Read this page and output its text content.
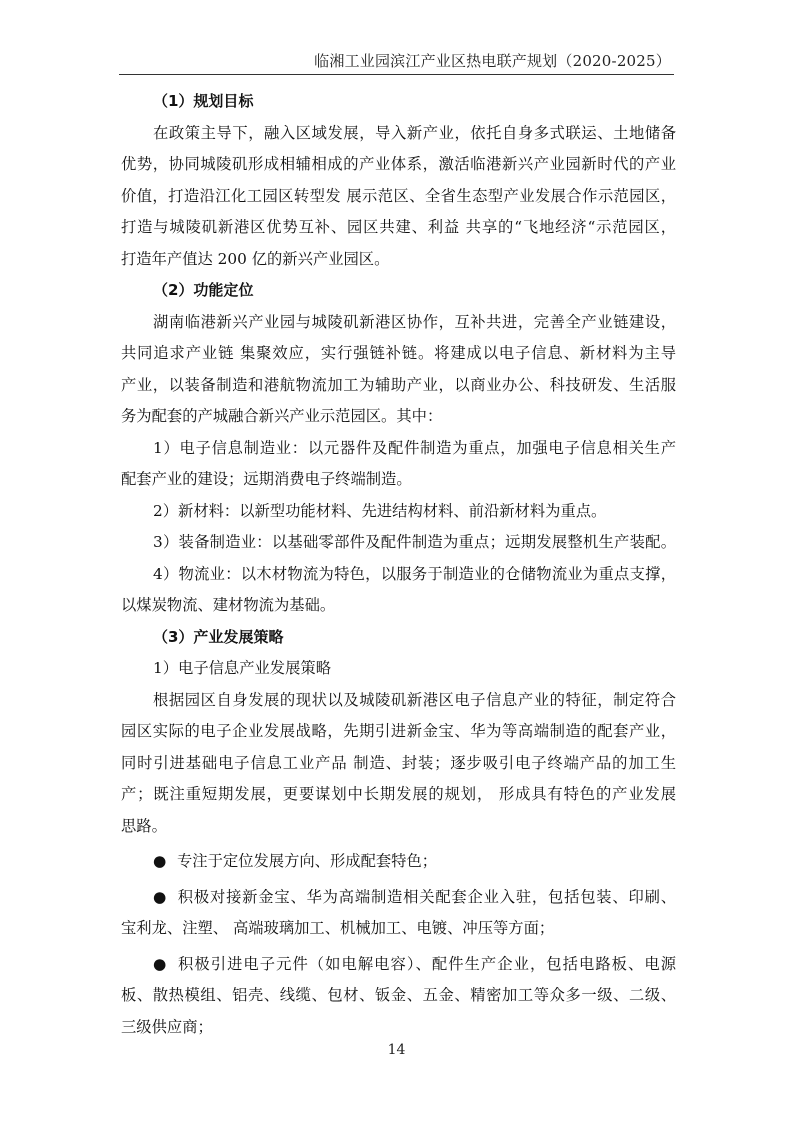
临湘工业园滨江产业区热电联产规划（2020-2025）
（1）规划目标
在政策主导下，融入区域发展，导入新产业，依托自身多式联运、土地储备
优势，协同城陵矶形成相辅相成的产业体系，激活临港新兴产业园新时代的产业
价值，打造沿江化工园区转型发 展示范区、全省生态型产业发展合作示范园区，
打造与城陵矶新港区优势互补、园区共建、利益 共享的“飞地经济“示范园区，
打造年产值达 200 亿的新兴产业园区。
（2）功能定位
湖南临港新兴产业园与城陵矶新港区协作，互补共进，完善全产业链建设，
共同追求产业链 集聚效应，实行强链补链。将建成以电子信息、新材料为主导
产业，以装备制造和港航物流加工为辅助产业，以商业办公、科技研发、生活服
务为配套的产城融合新兴产业示范园区。其中：
1）电子信息制造业：以元器件及配件制造为重点，加强电子信息相关生产
配套产业的建设；远期消费电子终端制造。
2）新材料：以新型功能材料、先进结构材料、前沿新材料为重点。
3）装备制造业：以基础零部件及配件制造为重点；远期发展整机生产装配。
4）物流业：以木材物流为特色，以服务于制造业的仓储物流业为重点支撑，
以煤炭物流、建材物流为基础。
（3）产业发展策略
1）电子信息产业发展策略
根据园区自身发展的现状以及城陵矶新港区电子信息产业的特征，制定符合
园区实际的电子企业发展战略，先期引进新金宝、华为等高端制造的配套产业，
同时引进基础电子信息工业产品 制造、封装；逐步吸引电子终端产品的加工生
产；既注重短期发展，更要谋划中长期发展的规划， 形成具有特色的产业发展
思路。
● 专注于定位发展方向、形成配套特色；
● 积极对接新金宝、华为高端制造相关配套企业入驻，包括包装、印刷、
宝利龙、注塑、 高端玻璃加工、机械加工、电镀、冲压等方面；
● 积极引进电子元件（如电解电容）、配件生产企业，包括电路板、电源
板、散热模组、铝壳、线缆、包材、钣金、五金、精密加工等众多一级、二级、
三级供应商；
14
